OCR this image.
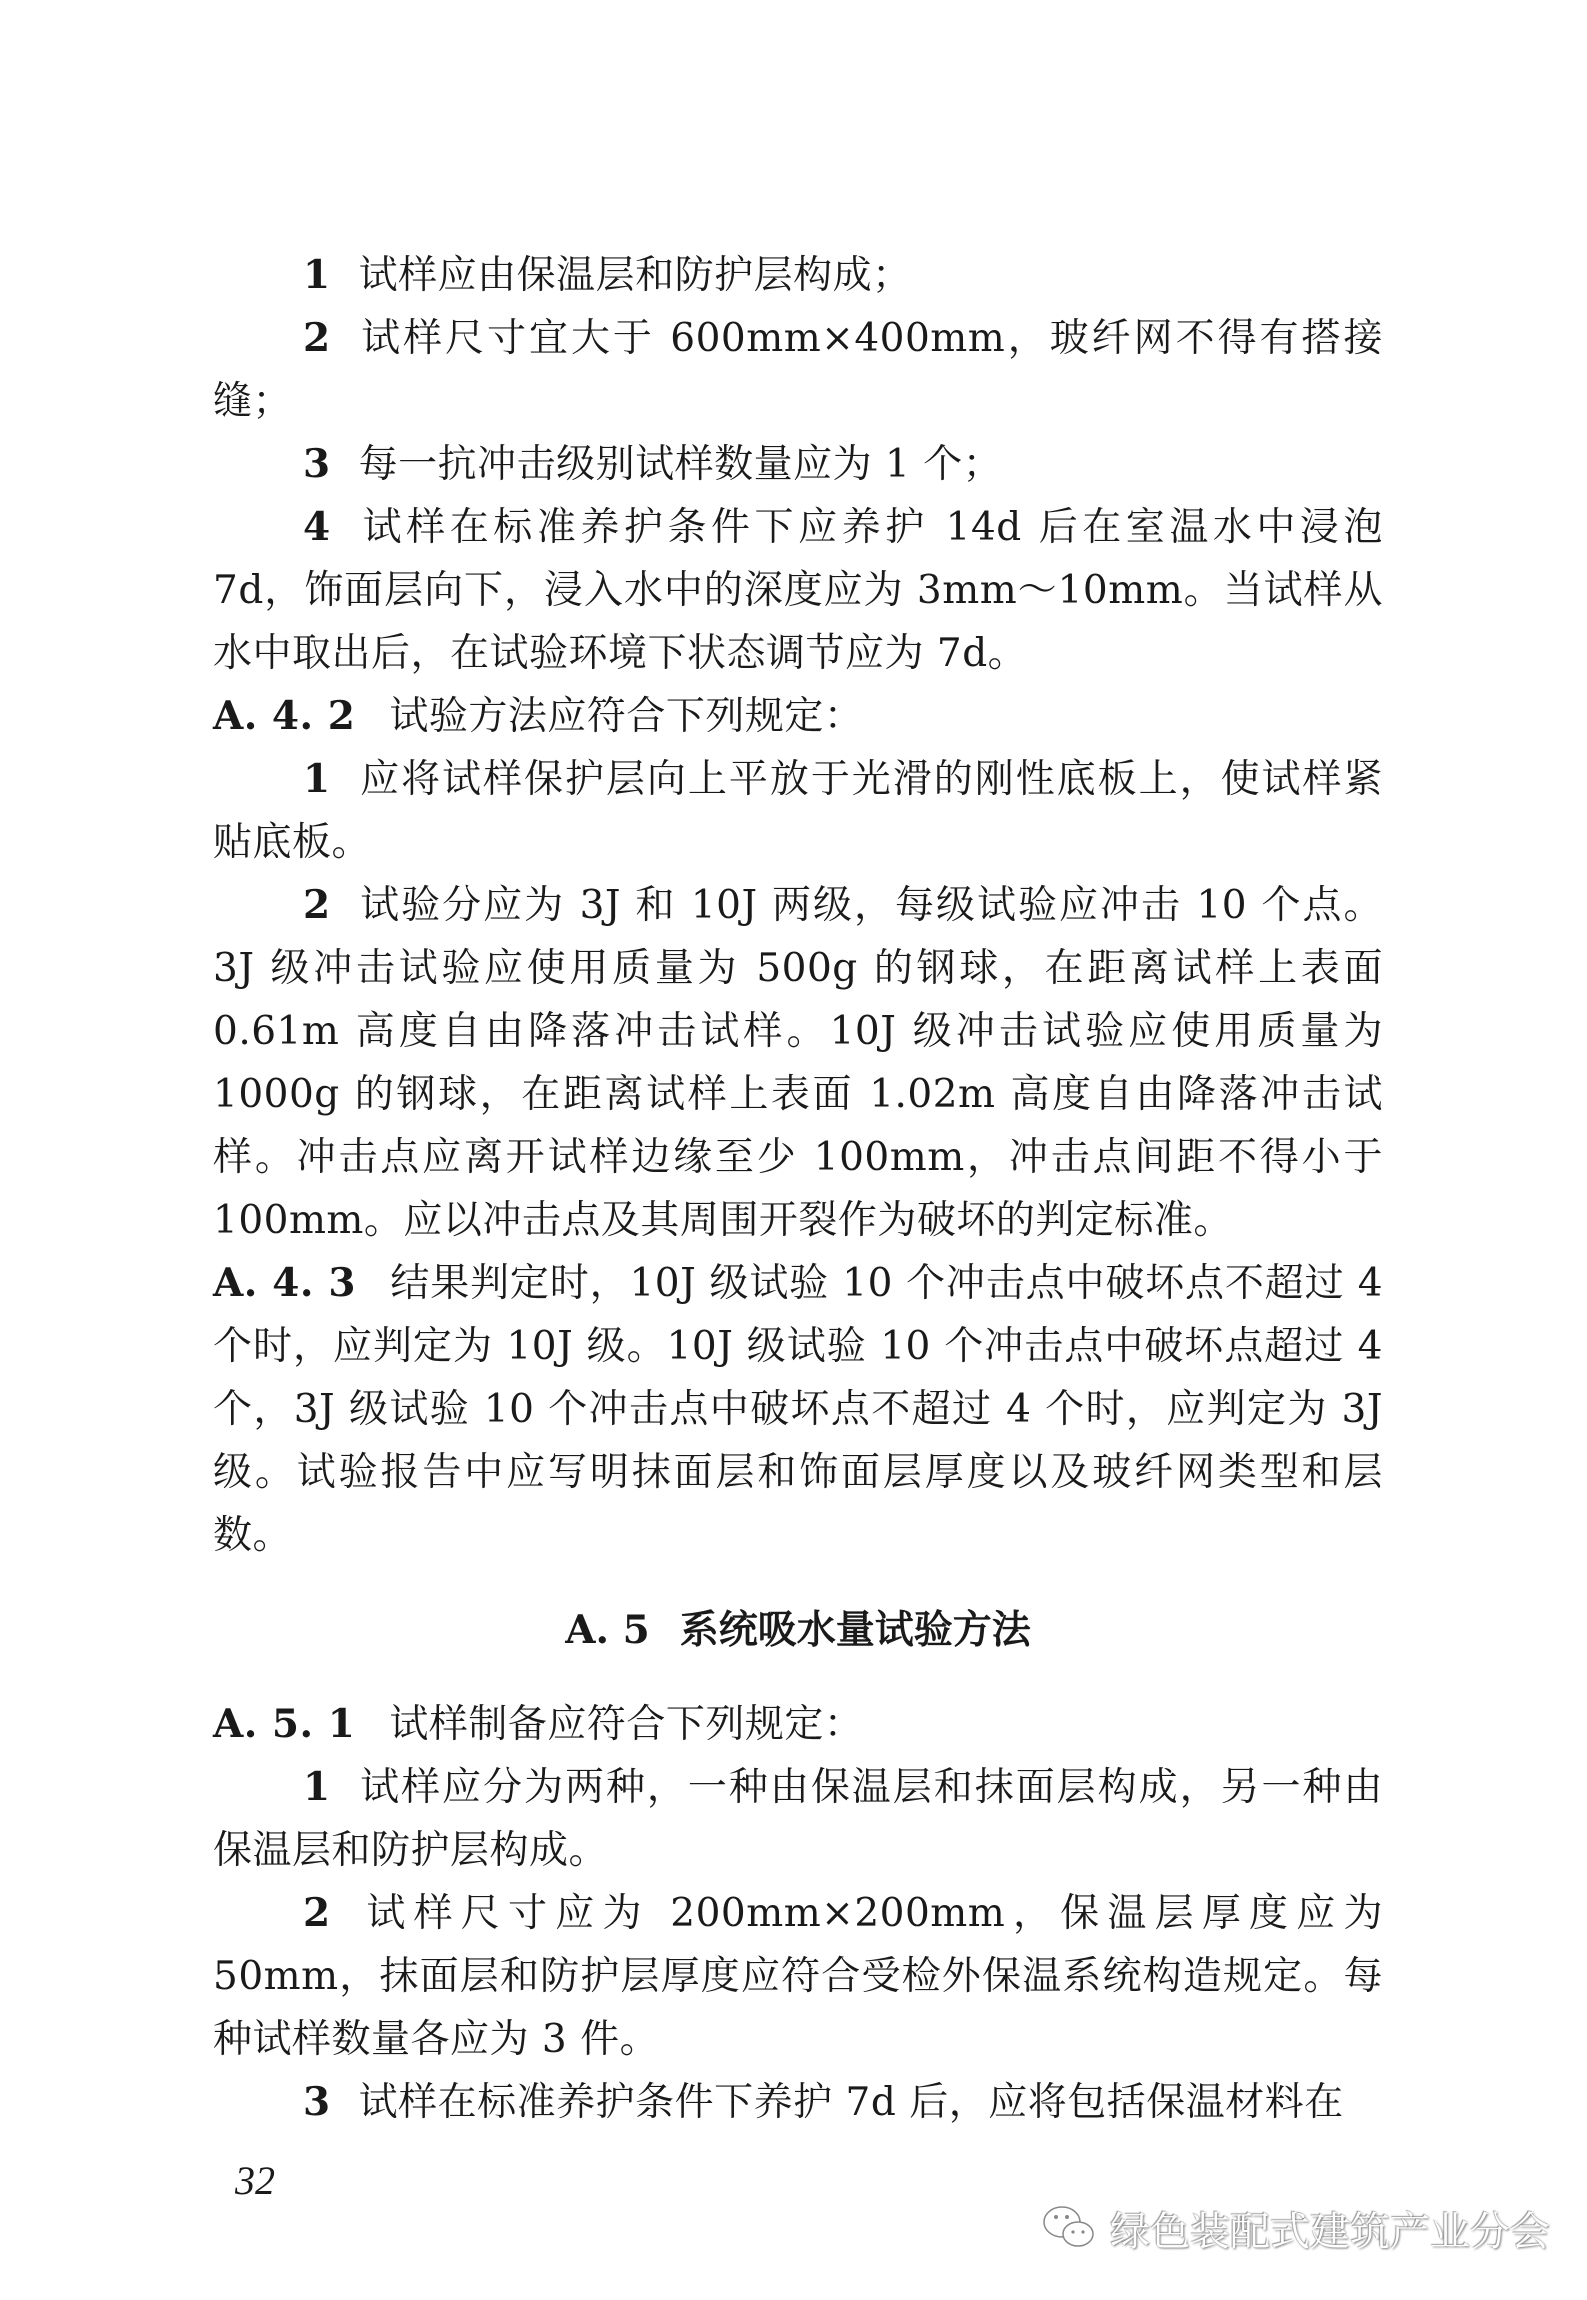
1 试样应由保温层和防护层构成；

2 试样尺寸宜大于 600mm×400mm，玻纤网不得有搭接缝；

3 每一抗冲击级别试样数量应为 1 个；

4 试样在标准养护条件下应养护 14d 后在室温水中浸泡 7d，饰面层向下，浸入水中的深度应为 3mm～10mm。当试样从水中取出后，在试验环境下状态调节应为 7d。

A. 4. 2 试验方法应符合下列规定：

1 应将试样保护层向上平放于光滑的刚性底板上，使试样紧贴底板。

2 试验分应为 3J 和 10J 两级，每级试验应冲击 10 个点。3J 级冲击试验应使用质量为 500g 的钢球，在距离试样上表面 0.61m 高度自由降落冲击试样。10J 级冲击试验应使用质量为 1000g 的钢球，在距离试样上表面 1.02m 高度自由降落冲击试样。冲击点应离开试样边缘至少 100mm，冲击点间距不得小于 100mm。应以冲击点及其周围开裂作为破坏的判定标准。

A. 4. 3 结果判定时，10J 级试验 10 个冲击点中破坏点不超过 4 个时，应判定为 10J 级。10J 级试验 10 个冲击点中破坏点超过 4 个，3J 级试验 10 个冲击点中破坏点不超过 4 个时，应判定为 3J 级。试验报告中应写明抹面层和饰面层厚度以及玻纤网类型和层数。

A. 5 系统吸水量试验方法

A. 5. 1 试样制备应符合下列规定：

1 试样应分为两种，一种由保温层和抹面层构成，另一种由保温层和防护层构成。

2 试样尺寸应为 200mm×200mm，保温层厚度应为 50mm，抹面层和防护层厚度应符合受检外保温系统构造规定。每种试样数量各应为 3 件。

3 试样在标准养护条件下养护 7d 后，应将包括保温材料在

32
绿色装配式建筑产业分会
